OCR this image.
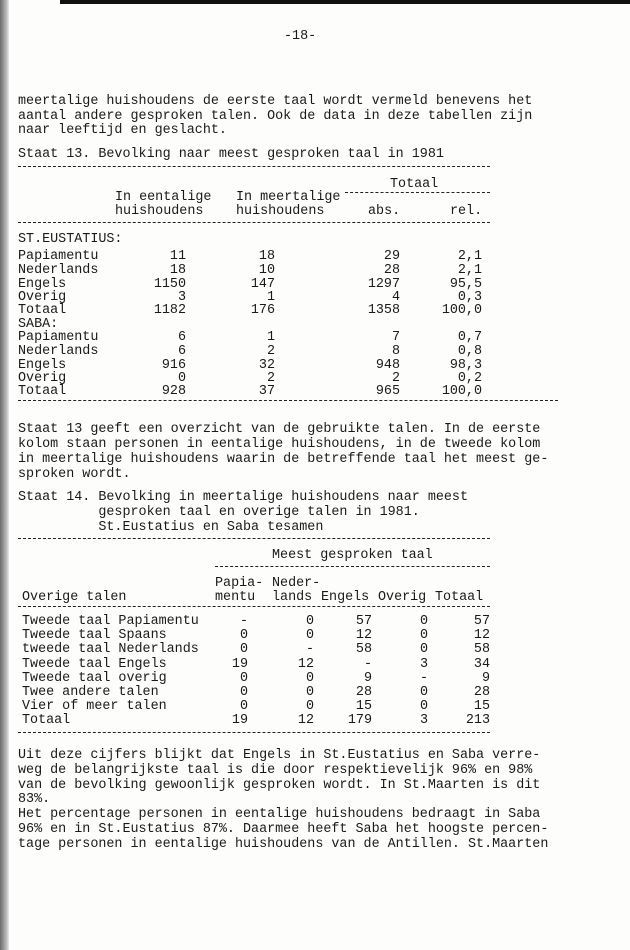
-18-
meertalige huishoudens de eerste taal wordt vermeld benevens het
aantal andere gesproken talen. Ook de data in deze tabellen zijn
naar leeftijd en geslacht.
Staat 13. Bevolking naar meest gesproken taal in 1981
Totaal
In eentalige In meertalige
huishoudens huishoudens	abs.	rel.
ST.EUSTATIUS:
Papiamentu	11	18	29	2,1
Nederlands	18	10	28	2,1
Engels	1150	147	1297	95,5
Overig	3	1	4	0,3
Totaal	1182	176	1358	100,0
SABA:
Papiamentu	6	1	7	0,7
Nederlands	6	2	8	0,8
Engels	916	32	948	98,3
Overig	0	2	2	0,2
Totaal	928	37	965	100,0
Staat 13 geeft een overzicht van de gebruikte talen. In de eerste
kolom staan personen in eentalige huishoudens, in de tweede kolom
in meertalige huishoudens waarin de betreffende taal het meest ge-
sproken wordt.
Staat 14. Bevolking in meertalige huishoudens naar meest
gesproken taal en overige talen in 1981.
St.Eustatius en Saba tesamen
Meest gesproken taal
Papia- Neder-
Overige talen	mentu lands Engels Overig Totaal
Tweede taal Papiamentu	-	0	57	0	57
Tweede taal Spaans	0	0	12	0	12
tweede taal Nederlands	0	-	58	0	58
Tweede taal Engels	19	12	-	3	34
Tweede taal overig	0	0	9	-	9
Twee andere talen	0	0	28	0	28
Vier of meer talen	0	0	15	0	15
Totaal	19	12	179	3	213
Uit deze cijfers blijkt dat Engels in St.Eustatius en Saba verre-
weg de belangrijkste taal is die door respektievelijk 96% en 98%
van de bevolking gewoonlijk gesproken wordt. In St.Maarten is dit
83%.
Het percentage personen in eentalige huishoudens bedraagt in Saba
96% en in St.Eustatius 87%. Daarmee heeft Saba het hoogste percen-
tage personen in eentalige huishoudens van de Antillen. St.Maarten
